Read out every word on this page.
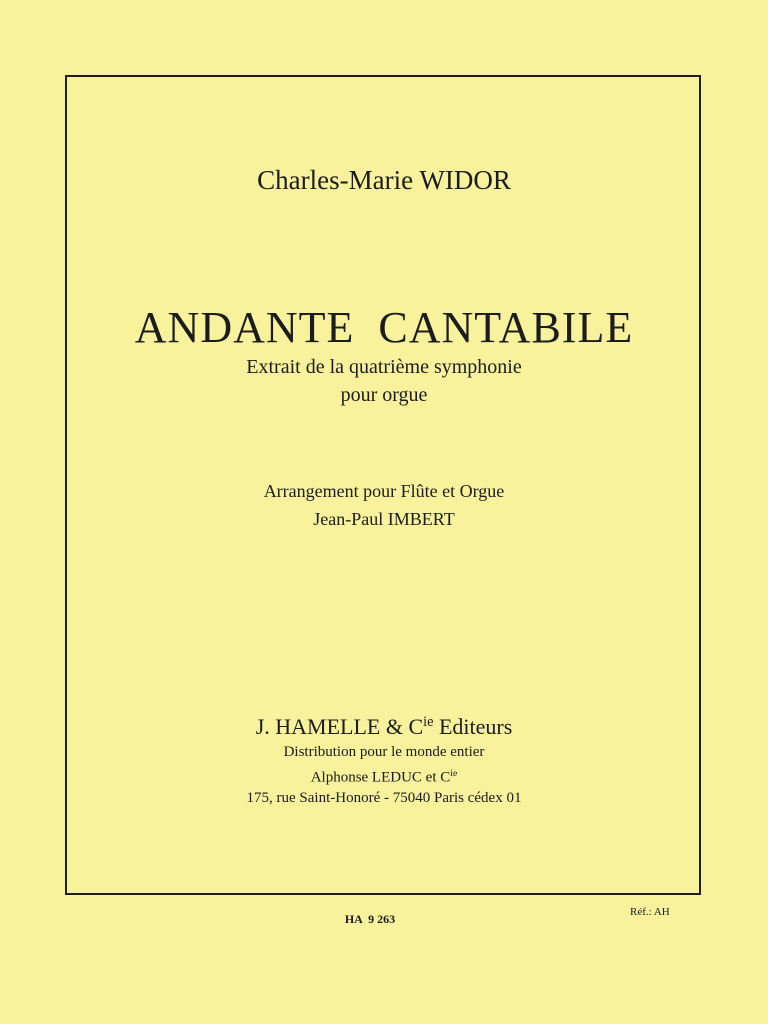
Charles-Marie WIDOR
ANDANTE  CANTABILE
Extrait de la quatrième symphonie
pour orgue
Arrangement pour Flûte et Orgue
Jean-Paul IMBERT
J. HAMELLE & $C^{ie}$ Editeurs
Distribution pour le monde entier
Alphonse LEDUC et $C^{ie}$
175, rue Saint-Honoré - 75040 Paris cédex 01
HA  9 263	Réf.: AH
